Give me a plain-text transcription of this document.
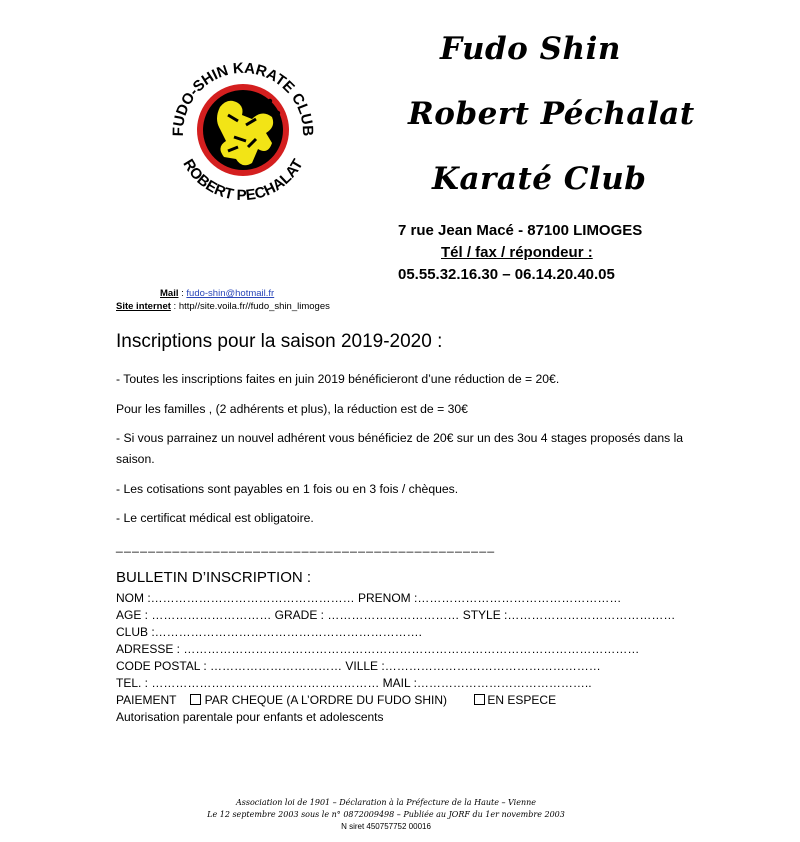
FUDO-SHIN KARATE CLUB
ROBERT PECHALAT
Fudo Shin
Robert Péchalat
Karaté Club
7 rue Jean Macé - 87100 LIMOGES
Tél / fax / répondeur :
05.55.32.16.30 – 06.14.20.40.05
Mail : fudo-shin@hotmail.fr
Site internet : http//site.voila.fr//fudo_shin_limoges
Inscriptions pour la saison 2019-2020 :
- Toutes les inscriptions faites en juin 2019 bénéficieront d’une réduction de = 20€.
Pour les familles , (2 adhérents et plus), la réduction est de = 30€
- Si vous parrainez un nouvel adhérent vous bénéficiez de 20€ sur un des 3ou 4 stages proposés dans la saison.
- Les cotisations sont payables en 1 fois ou en 3 fois / chèques.
- Le certificat médical est obligatoire.
_______________________________________________
BULLETIN D’INSCRIPTION :
NOM :…………………………………………… PRENOM :……………………………………………
AGE : ………………………… GRADE : …………………………… STYLE :……………………………………
CLUB :………………………………………………………….
ADRESSE : ……………………………………………………………………………………………………
CODE POSTAL : …………………………… VILLE :………………………………………………
TEL. : ………………………………………………… MAIL :……………………………………..
PAIEMENT PAR CHEQUE (A L’ORDRE DU FUDO SHIN)	EN ESPECE
Autorisation parentale pour enfants et adolescents
Association loi de 1901 – Déclaration à la Préfecture de la Haute – Vienne
Le 12 septembre 2003 sous le n° 0872009498 – Publiée au JORF du 1er novembre 2003
N siret 450757752 00016
